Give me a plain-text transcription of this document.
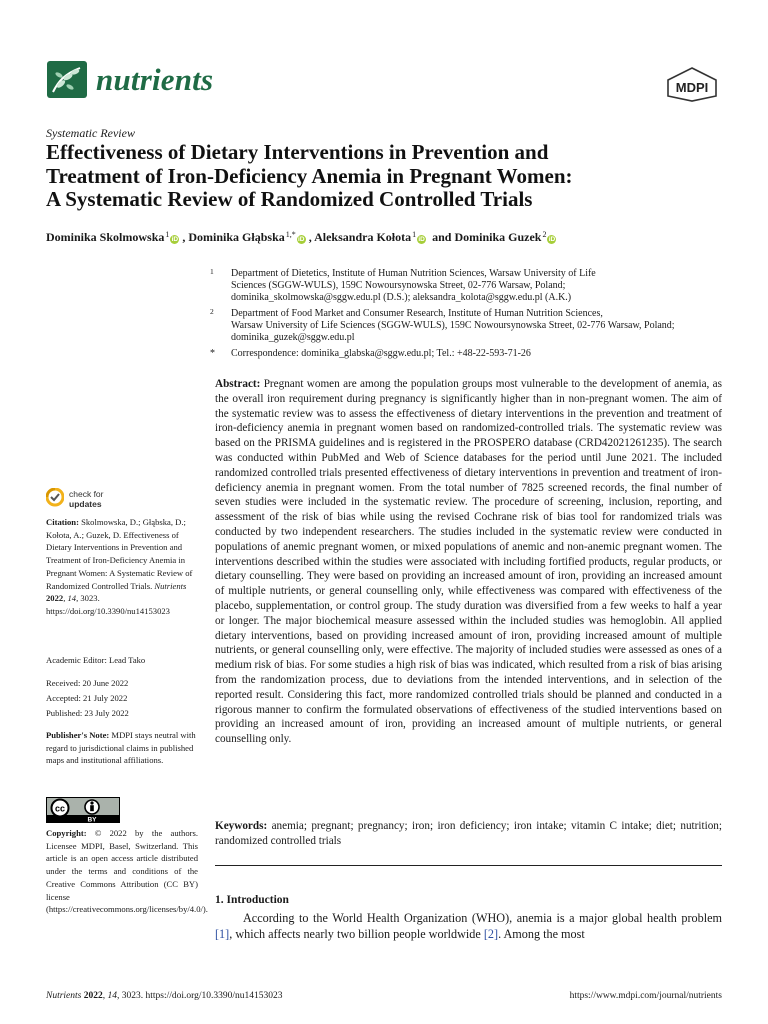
nutrients	MDPI
Systematic Review
Effectiveness of Dietary Interventions in Prevention and
Treatment of Iron-Deficiency Anemia in Pregnant Women:
A Systematic Review of Randomized Controlled Trials
Dominika Skolmowska$^1$iD , Dominika Głąbska$^{1,*}$iD , Aleksandra Kołota$^1$iD and Dominika Guzek$^2$iD
1 Department of Dietetics, Institute of Human Nutrition Sciences, Warsaw University of Life
Sciences (SGGW-WULS), 159C Nowoursynowska Street, 02-776 Warsaw, Poland;
dominika_skolmowska@sggw.edu.pl (D.S.); aleksandra_kolota@sggw.edu.pl (A.K.)
2 Department of Food Market and Consumer Research, Institute of Human Nutrition Sciences,
Warsaw University of Life Sciences (SGGW-WULS), 159C Nowoursynowska Street, 02-776 Warsaw, Poland;
dominika_guzek@sggw.edu.pl
* Correspondence: dominika_glabska@sggw.edu.pl; Tel.: +48-22-593-71-26
Abstract: Pregnant women are among the population groups most vulnerable to the development of anemia, as the overall iron requirement during pregnancy is significantly higher than in non-pregnant women. The aim of the systematic review was to assess the effectiveness of dietary interventions in the prevention and treatment of iron-deficiency anemia in pregnant women based on randomized-controlled trials. The systematic review was based on the PRISMA guidelines and is registered in the PROSPERO database (CRD42021261235). The search was conducted within PubMed and Web of Science databases for the period until June 2021. The included randomized controlled trials presented effectiveness of dietary interventions in prevention and treatment of iron-deficiency anemia in pregnant women. From the total number of 7825 screened records, the final number of seven studies were included in the systematic review. The procedure of screening, inclusion, reporting, and assessment of the risk of bias while using the revised Cochrane risk of bias tool for randomized trials was conducted by two independent researchers. The studies included in the systematic review were conducted in populations of anemic pregnant women, or mixed populations of anemic and non-anemic pregnant women. The interventions described within the studies were associated with including fortified products, regular products, or dietary counselling. They were based on providing an increased amount of iron, providing an increased amount of multiple nutrients, or general counselling only, while effectiveness was compared with effectiveness of the placebo, supplementation, or control group. The study duration was diversified from a few weeks to half a year or longer. The major biochemical measure assessed within the included studies was hemoglobin. All applied dietary interventions, based on providing increased amount of iron, providing increased amount of multiple nutrients, or general counselling only, were effective. The majority of included studies were assessed as ones of a medium risk of bias. For some studies a high risk of bias was indicated, which resulted from a risk of bias arising from the randomization process, due to deviations from the intended interventions, and in selection of the reported result. Considering this fact, more randomized controlled trials should be planned and conducted in a rigorous manner to confirm the formulated observations of effectiveness of the studied interventions based on providing an increased amount of iron, providing an increased amount of multiple nutrients, or general counselling only.
Keywords: anemia; pregnant; pregnancy; iron; iron deficiency; iron intake; vitamin C intake; diet; nutrition; randomized controlled trials
1. Introduction
According to the World Health Organization (WHO), anemia is a major global health problem [1], which affects nearly two billion people worldwide [2]. Among the most
check for
updates
Citation: Skolmowska, D.; Głąbska, D.; Kołota, A.; Guzek, D. Effectiveness of Dietary Interventions in Prevention and Treatment of Iron-Deficiency Anemia in Pregnant Women: A Systematic Review of Randomized Controlled Trials. Nutrients 2022, 14, 3023. https://doi.org/10.3390/nu14153023
Academic Editor: Lead Tako
Received: 20 June 2022
Accepted: 21 July 2022
Published: 23 July 2022
Publisher's Note: MDPI stays neutral with regard to jurisdictional claims in published maps and institutional affiliations.
cc
BY
Copyright: © 2022 by the authors. Licensee MDPI, Basel, Switzerland. This article is an open access article distributed under the terms and conditions of the Creative Commons Attribution (CC BY) license (https://creativecommons.org/licenses/by/4.0/).
Nutrients 2022, 14, 3023. https://doi.org/10.3390/nu14153023	https://www.mdpi.com/journal/nutrients
